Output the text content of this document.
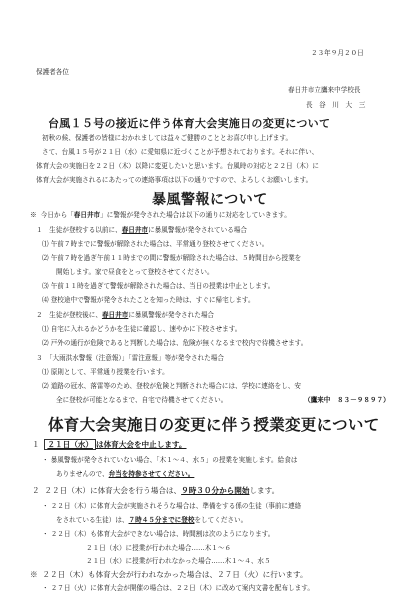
２３年９月２０日
保護者各位
春日井市立鷹来中学校長
長　谷　川　大　三
台風１５号の接近に伴う体育大会実施日の変更について
初秋の候、保護者の皆様におかれましては益々ご健勝のこととお喜び申し上げます。
さて、台風１５号が２１日（水）に愛知県に近づくことが予想されております。それに伴い、
体育大会の実施日を２２日（木）以降に変更したいと思います。台風時の対応と２２日（木）に
体育大会が実施されるにあたっての連絡事項は以下の通りですので、よろしくお願いします。
暴風警報について
※ 今日から「春日井市」に警報が発令された場合は以下の通りに対応をしていきます。
１　生徒が登校する以前に、春日井市に暴風警報が発令されている場合
⑴ 午前７時までに警報が解除された場合は、平常通り登校させてください。
⑵ 午前７時を過ぎ午前１１時までの間に警報が解除された場合は、５時間目から授業を
開始します。家で昼食をとって登校させてください。
⑶ 午前１１時を過ぎて警報が解除された場合は、当日の授業は中止とします。
⑷ 登校途中で警報が発令されたことを知った時は、すぐに帰宅します。
２　生徒が登校後に、春日井市に暴風警報が発令された場合
⑴ 自宅に入れるかどうかを生徒に確認し、速やかに下校させます。
⑵ 戸外の通行が危険であると判断した場合は、危険が無くなるまで校内で待機させます。
３　「大雨洪水警報（注意報）」「雷注意報」等が発令された場合
⑴ 原則として、平常通り授業を行います。
⑵ 道路の冠水、落雷等のため、登校が危険と判断された場合には、学校に連絡をし、安
全に登校が可能となるまで、自宅で待機させてください。	（鷹来中　８３－９８９７）
体育大会実施日の変更に伴う授業変更について
１ ２１日（水） は体育大会を中止します。
・ 暴風警報が発令されていない場合、「木１～４、水５」の授業を実施します。給食は
ありませんので、弁当を持参させてください。
２ ２２日（木）に体育大会を行う場合は、９時３０分から開始します。
・ ２２日（木）に体育大会が実施されそうな場合は、準備をする係の生徒（事前に連絡
をされている生徒）は、７時４５分までに登校をしてください。
・ ２２日（木）も体育大会ができない場合は、時間割は次のようになります。
２１日（水）に授業が行われた場合……木１～６
２１日（水）に授業が行われなかった場合……木１～４、水５
※ ２２日（木）も体育大会が行われなかった場合は、２７日（火）に行います。
・ ２７日（火）に体育大会が開催の場合は、２２日（木）に改めて案内文書を配布します。
